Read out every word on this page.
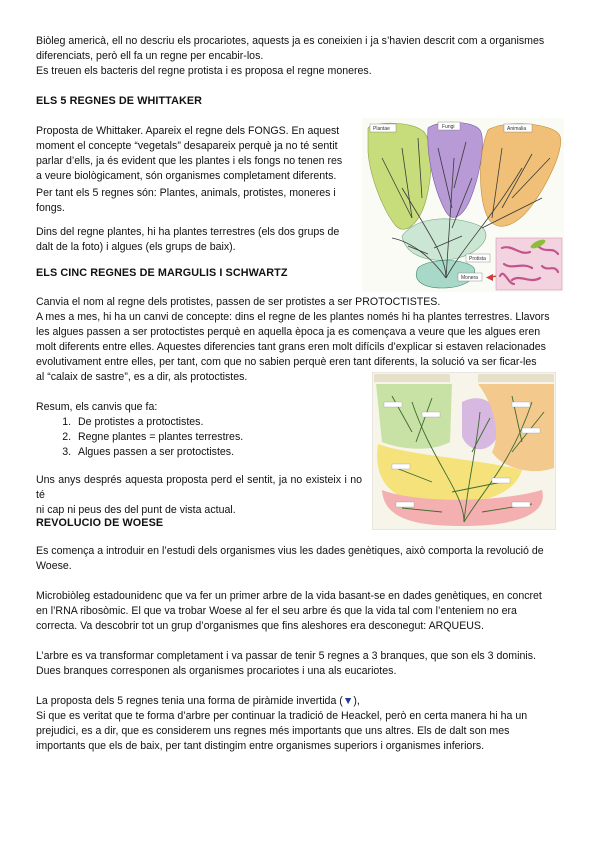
Biòleg americà, ell no descriu els procariotes, aquests ja es coneixien i ja s’havien descrit com a organismes

diferenciats, però ell fa un regne per encabir-los.

Es treuen els bacteris del regne protista i es proposa el regne moneres.

ELS 5 REGNES DE WHITTAKER

Proposta de Whittaker. Apareix el regne dels FONGS. En aquest

moment el concepte “vegetals” desapareix perquè ja no té sentit

parlar d’ells, ja és evident que les plantes i els fongs no tenen res

a veure biològicament, són organismes completament diferents.

Per tant els 5 regnes són: Plantes, animals, protistes, moneres i

fongs.

Dins del regne plantes, hi ha plantes terrestres (els dos grups de

dalt de la foto) i algues (els grups de baix).

Plantae	Fungi	Animalia
Protista
Monera

ELS CINC REGNES DE MARGULIS I SCHWARTZ

Canvia el nom al regne dels protistes, passen de ser protistes a ser PROTOCTISTES.

A mes a mes, hi ha un canvi de concepte: dins el regne de les plantes només hi ha plantes terrestres. Llavors

les algues passen a ser protoctistes perquè en aquella època ja es començava a veure que les algues eren

molt diferents entre elles. Aquestes diferencies tant grans eren molt difícils d’explicar si estaven relacionades

evolutivament entre elles, per tant, com que no sabien perquè eren tant diferents, la solució va ser ficar-les

al “calaix de sastre”, es a dir, als protoctistes.

Resum, els canvis que fa:

1. De protistes a protoctistes.
2. Regne plantes = plantes terrestres.
3. Algues passen a ser protoctistes.

Uns anys després aquesta proposta perd el sentit, ja no existeix i no té

ni cap ni peus des del punt de vista actual.

REVOLUCIO DE WOESE

Es comença a introduir en l’estudi dels organismes vius les dades genètiques, això comporta la revolució de

Woese.

Microbiòleg estadounidenc que va fer un primer arbre de la vida basant-se en dades genètiques, en concret

en l’RNA ribosòmic. El que va trobar Woese al fer el seu arbre és que la vida tal com l’enteniem no era

correcta. Va descobrir tot un grup d’organismes que fins aleshores era desconegut: ARQUEUS.

L’arbre es va transformar completament i va passar de tenir 5 regnes a 3 branques, que son els 3 dominis.

Dues branques corresponen als organismes procariotes i una als eucariotes.

La proposta dels 5 regnes tenia una forma de piràmide invertida (▼),

Si que es veritat que te forma d’arbre per continuar la tradició de Heackel, però en certa manera hi ha un

prejudici, es a dir, que es considerem uns regnes més importants que uns altres. Els de dalt son mes

importants que els de baix, per tant distingim entre organismes superiors i organismes inferiors.
